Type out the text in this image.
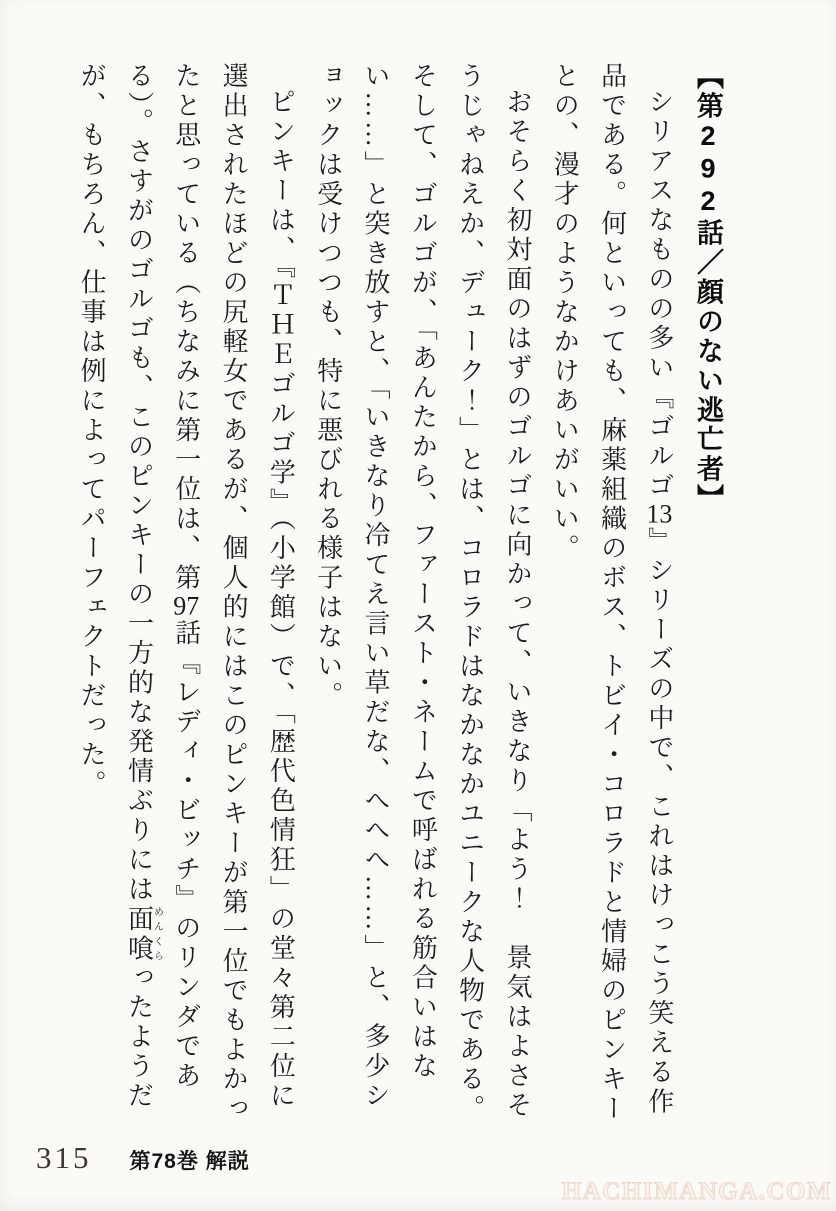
【第292話／顔のない逃亡者】

シリアスなものの多い『ゴルゴ13』シリーズの中で、これはけっこう笑える作品である。何といっても、麻薬組織のボス、トビイ・コロラドと情婦のピンキーとの、漫才のようなかけあいがいい。

おそらく初対面のはずのゴルゴに向かって、いきなり「よう！　景気はよさそうじゃねえか、デューク！」とは、コロラドはなかなかユニークな人物である。そして、ゴルゴが、「あんたから、ファースト・ネームで呼ばれる筋合いはない……」と突き放すと、「いきなり冷てえ言い草だな、へへへ……」と、多少ショックは受けつつも、特に悪びれる様子はない。

ピンキーは、『ＴＨＥゴルゴ学』（小学館）で、「歴代色情狂」の堂々第二位に選出されたほどの尻軽女であるが、個人的にはこのピンキーが第一位でもよかったと思っている（ちなみに第一位は、第97話『レディ・ビッチ』のリンダである）。さすがのゴルゴも、このピンキーの一方的な発情ぶりには面喰めんくらったようだが、もちろん、仕事は例によってパーフェクトだった。

315 第78巻 解説
HACHIMANGA.COM
